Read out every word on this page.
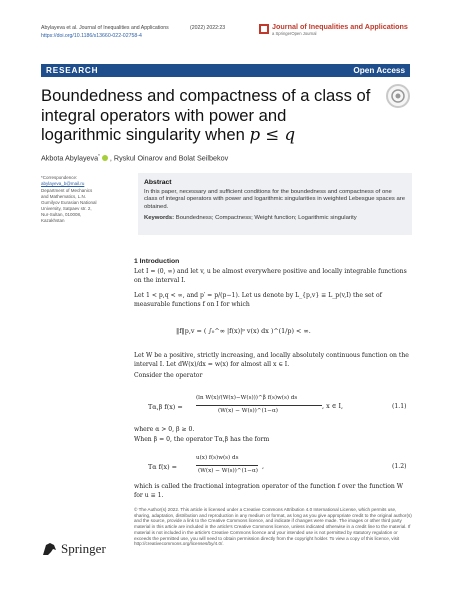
Abylayeva et al. Journal of Inequalities and Applications	(2022) 2022:23
https://doi.org/10.1186/s13660-022-02758-4
Journal of Inequalities and Applications
a SpringerOpen Journal
RESEARCH	Open Access
Boundedness and compactness of a class of
integral operators with power and
logarithmic singularity when p ≤ q
Akbota Abylayeva* , Ryskul Oinarov and Bolat Seilbekov
*Correspondence:
abylayeva_b@mail.ru
Department of Mechanics and Mathematics, L.N. Gumilyov Eurasian National University, Satpaev str. 2, Nur-Sultan, 010008, Kazakhstan
Abstract
In this paper, necessary and sufficient conditions for the boundedness and compactness of one class of integral operators with power and logarithmic singularities in weighted Lebesgue spaces are obtained.
Keywords: Boundedness; Compactness; Weight function; Logarithmic singularity
1 Introduction
Let I = (0, ∞) and let v, u be almost everywhere positive and locally integrable functions on the interval I.
Let 1 < p,q < ∞, and p′ = p/(p−1). Let us denote by L_{p,v} ≡ L_p(v,I) the set of measurable functions f on I for which
‖f‖p,v = ( ∫₀^∞ |f(x)|ᵖ v(x) dx )^(1/p) < ∞.
Let W be a positive, strictly increasing, and locally absolutely continuous function on the interval I. Let dW(x)/dx = w(x) for almost all x ∈ I.
Consider the operator
Tα,β f(x) =
(ln W(x)/(W(x)−W(s)))^β f(s)w(s) ds
(W(x) − W(s))^(1−α)
, x ∈ I,	(1.1)
where α > 0, β ≥ 0.
When β = 0, the operator Tα,β has the form
Tα f(x) =
u(x) f(s)w(s) ds
(W(x) − W(s))^(1−α)
,	(1.2)
which is called the fractional integration operator of the function f over the function W for u ≡ 1.
© The Author(s) 2022. This article is licensed under a Creative Commons Attribution 4.0 International License, which permits use, sharing, adaptation, distribution and reproduction in any medium or format, as long as you give appropriate credit to the original author(s) and the source, provide a link to the Creative Commons licence, and indicate if changes were made. The images or other third party material in this article are included in the article's Creative Commons licence, unless indicated otherwise in a credit line to the material. If material is not included in the article's Creative Commons licence and your intended use is not permitted by statutory regulation or exceeds the permitted use, you will need to obtain permission directly from the copyright holder. To view a copy of this licence, visit http://creativecommons.org/licenses/by/4.0/.
Springer
